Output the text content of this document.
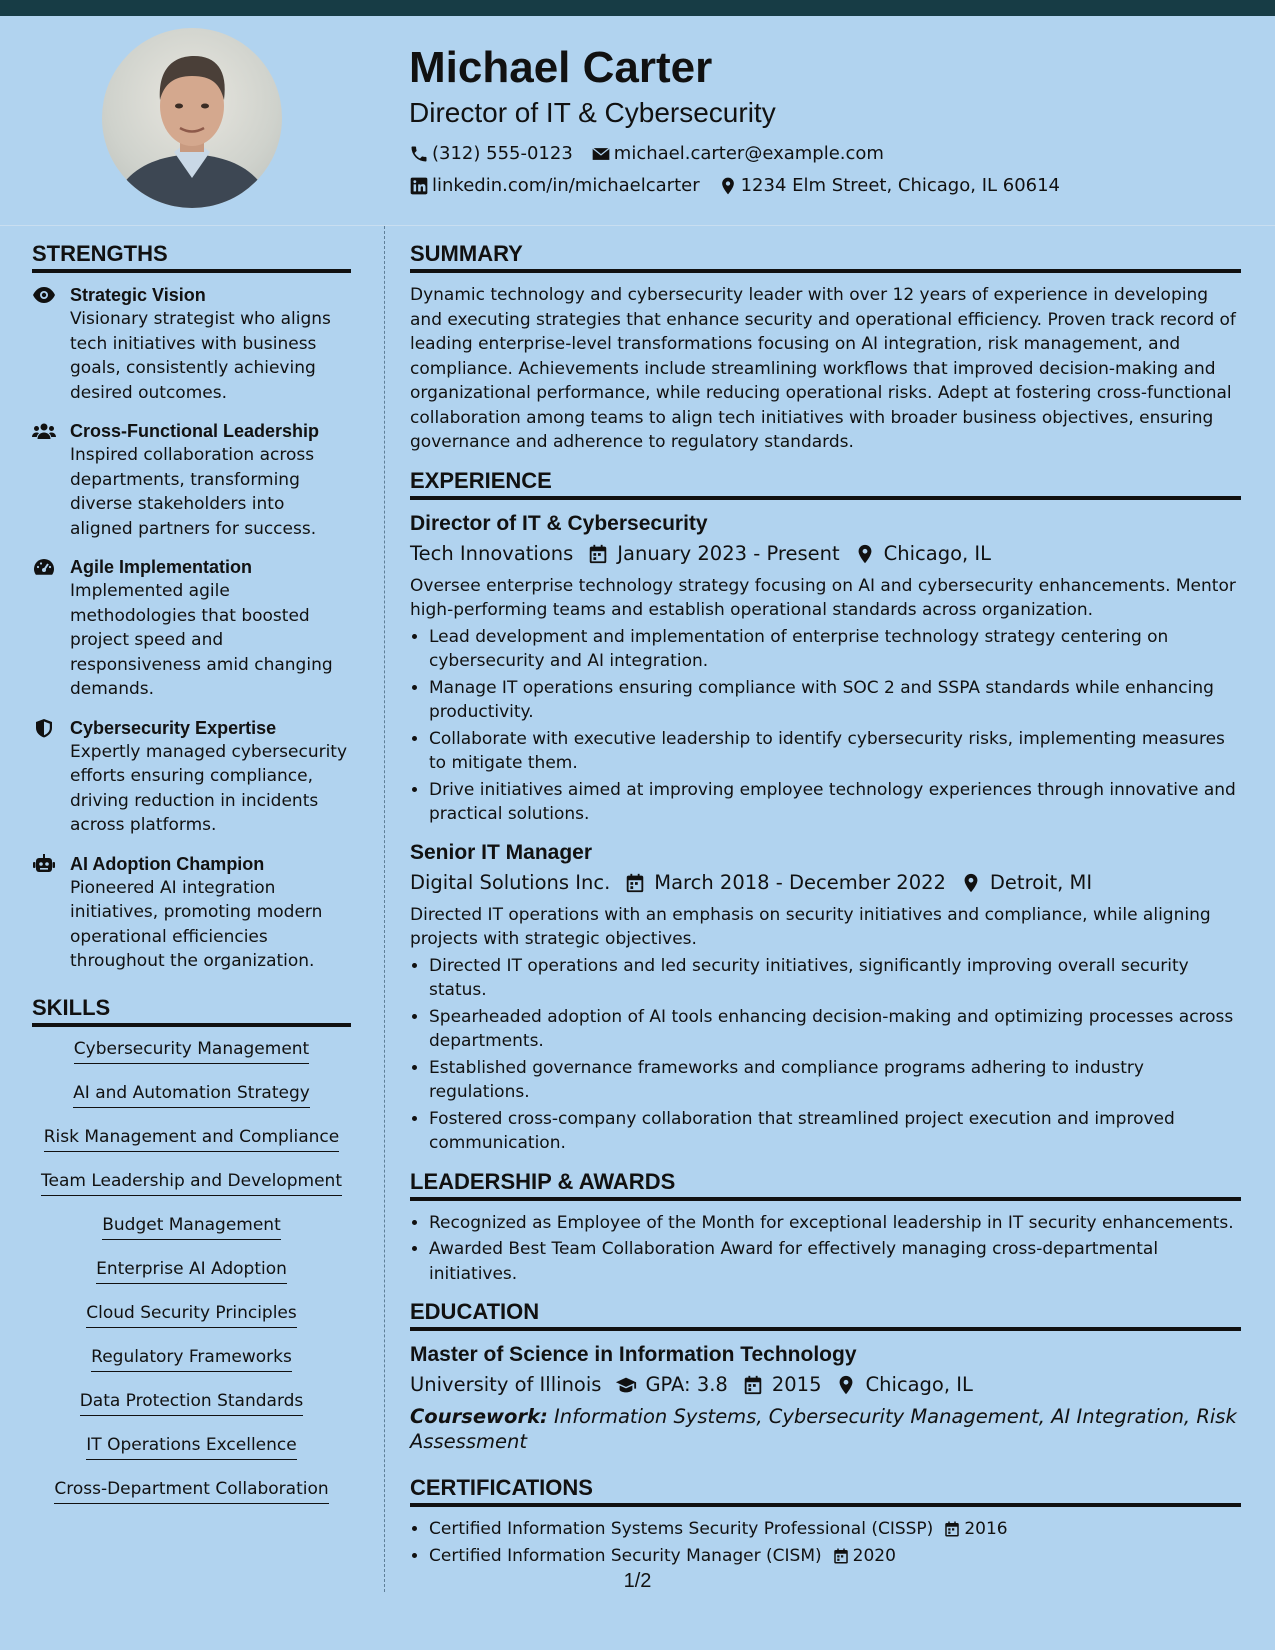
Michael Carter
Director of IT & Cybersecurity
(312) 555-0123 michael.carter@example.com
linkedin.com/in/michaelcarter 1234 Elm Street, Chicago, IL 60614
STRENGTHS
Strategic Vision
Visionary strategist who aligns tech initiatives with business goals, consistently achieving desired outcomes.
Cross-Functional Leadership
Inspired collaboration across departments, transforming diverse stakeholders into aligned partners for success.
Agile Implementation
Implemented agile methodologies that boosted project speed and responsiveness amid changing demands.
Cybersecurity Expertise
Expertly managed cybersecurity efforts ensuring compliance, driving reduction in incidents across platforms.
AI Adoption Champion
Pioneered AI integration initiatives, promoting modern operational efficiencies throughout the organization.
SKILLS
Cybersecurity Management
AI and Automation Strategy
Risk Management and Compliance
Team Leadership and Development
Budget Management
Enterprise AI Adoption
Cloud Security Principles
Regulatory Frameworks
Data Protection Standards
IT Operations Excellence
Cross-Department Collaboration
SUMMARY

Dynamic technology and cybersecurity leader with over 12 years of experience in developing and executing strategies that enhance security and operational efficiency. Proven track record of leading enterprise-level transformations focusing on AI integration, risk management, and compliance. Achievements include streamlining workflows that improved decision-making and organizational performance, while reducing operational risks. Adept at fostering cross-functional collaboration among teams to align tech initiatives with broader business objectives, ensuring governance and adherence to regulatory standards.

EXPERIENCE
Director of IT & Cybersecurity
Tech Innovations January 2023 - Present Chicago, IL

Oversee enterprise technology strategy focusing on AI and cybersecurity enhancements. Mentor high-performing teams and establish operational standards across organization.

• Lead development and implementation of enterprise technology strategy centering on cybersecurity and AI integration.
• Manage IT operations ensuring compliance with SOC 2 and SSPA standards while enhancing productivity.
• Collaborate with executive leadership to identify cybersecurity risks, implementing measures to mitigate them.
• Drive initiatives aimed at improving employee technology experiences through innovative and practical solutions.
Senior IT Manager
Digital Solutions Inc. March 2018 - December 2022 Detroit, MI

Directed IT operations with an emphasis on security initiatives and compliance, while aligning projects with strategic objectives.

• Directed IT operations and led security initiatives, significantly improving overall security status.
• Spearheaded adoption of AI tools enhancing decision-making and optimizing processes across departments.
• Established governance frameworks and compliance programs adhering to industry regulations.
• Fostered cross-company collaboration that streamlined project execution and improved communication.
LEADERSHIP & AWARDS
• Recognized as Employee of the Month for exceptional leadership in IT security enhancements.
• Awarded Best Team Collaboration Award for effectively managing cross-departmental initiatives.
EDUCATION
Master of Science in Information Technology
University of Illinois GPA: 3.8 2015 Chicago, IL

Coursework: Information Systems, Cybersecurity Management, AI Integration, Risk Assessment

CERTIFICATIONS
• Certified Information Systems Security Professional (CISSP) 2016
• Certified Information Security Manager (CISM) 2020
1/2
